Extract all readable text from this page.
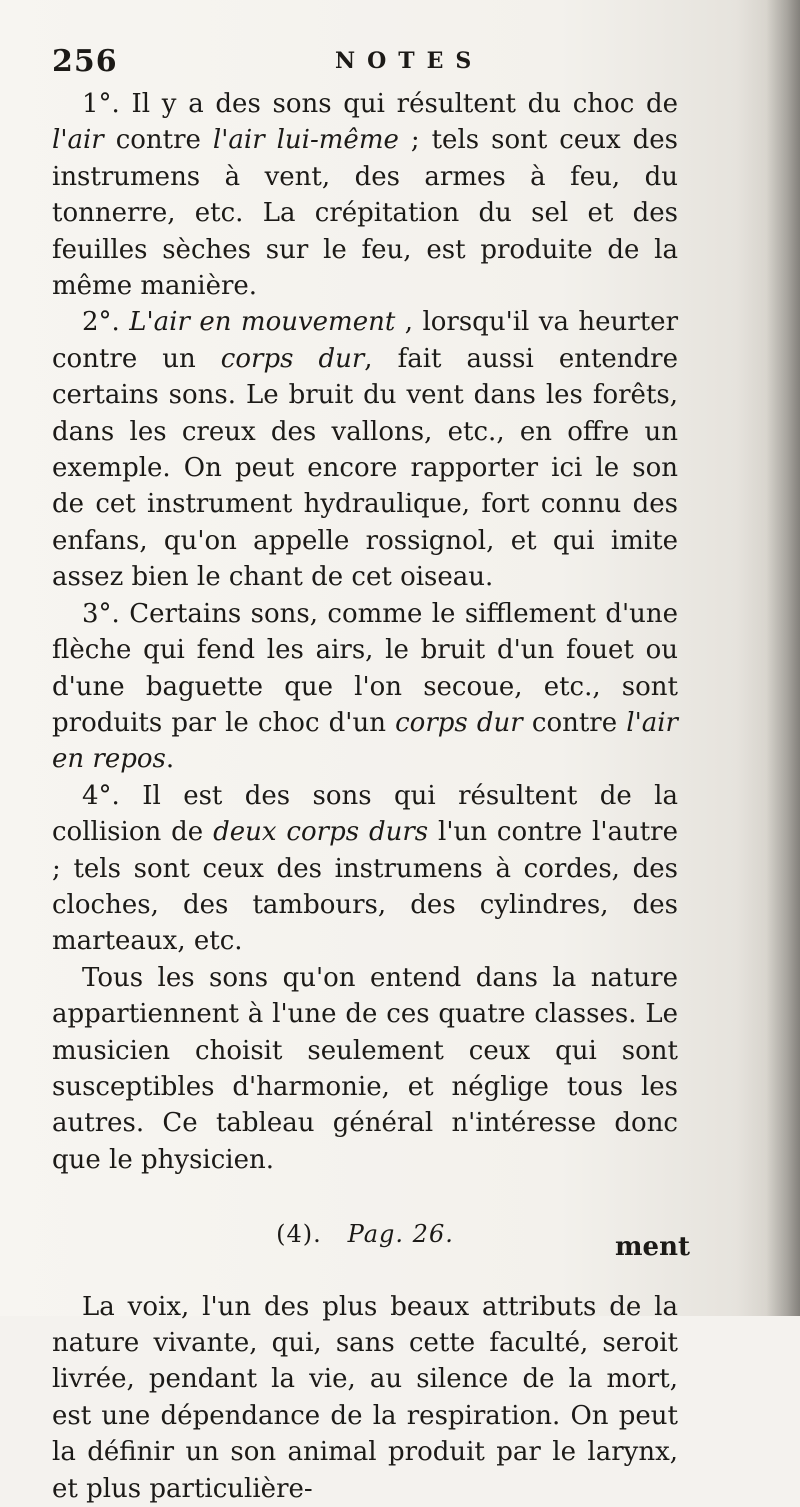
256	NOTES

1°. Il y a des sons qui résultent du choc de l'air contre l'air lui-même ; tels sont ceux des instrumens à vent, des armes à feu, du tonnerre, etc. La crépitation du sel et des feuilles sèches sur le feu, est produite de la même manière.

2°. L'air en mouvement , lorsqu'il va heurter contre un corps dur, fait aussi entendre certains sons. Le bruit du vent dans les forêts, dans les creux des vallons, etc., en offre un exemple. On peut encore rapporter ici le son de cet instrument hydraulique, fort connu des enfans, qu'on appelle rossignol, et qui imite assez bien le chant de cet oiseau.

3°. Certains sons, comme le sifflement d'une flèche qui fend les airs, le bruit d'un fouet ou d'une baguette que l'on secoue, etc., sont produits par le choc d'un corps dur contre l'air en repos.

4°. Il est des sons qui résultent de la collision de deux corps durs l'un contre l'autre ; tels sont ceux des instrumens à cordes, des cloches, des tambours, des cylindres, des marteaux, etc.

Tous les sons qu'on entend dans la nature appartiennent à l'une de ces quatre classes. Le musicien choisit seulement ceux qui sont susceptibles d'harmonie, et néglige tous les autres. Ce tableau général n'intéresse donc que le physicien.

(4). Pag. 26.

La voix, l'un des plus beaux attributs de la nature vivante, qui, sans cette faculté, seroit livrée, pendant la vie, au silence de la mort, est une dépendance de la respiration. On peut la définir un son animal produit par le larynx, et plus particulière-

ment
